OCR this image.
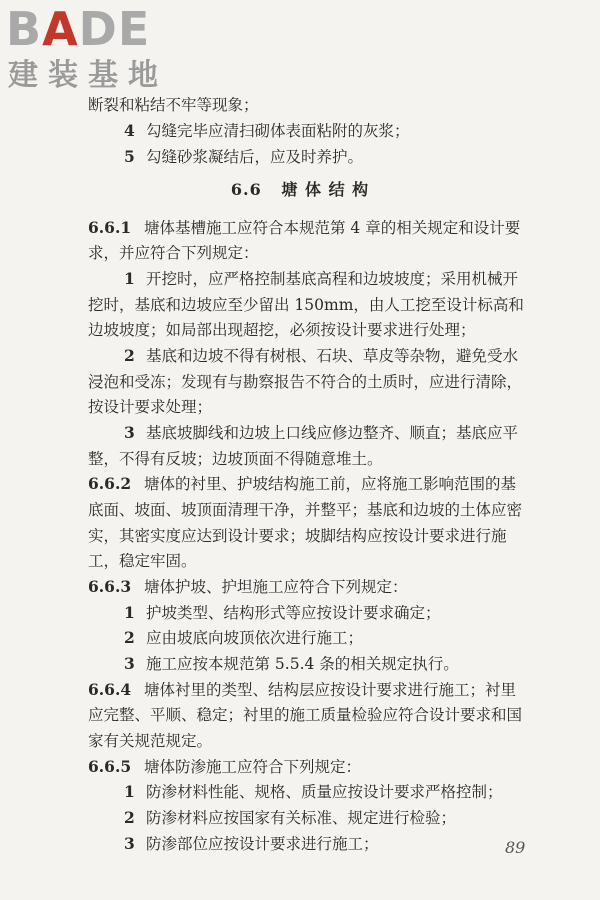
BADE
建装基地
断裂和粘结不牢等现象；
4 勾缝完毕应清扫砌体表面粘附的灰浆；
5 勾缝砂浆凝结后，应及时养护。
6.6 塘 体 结 构
6.6.1 塘体基槽施工应符合本规范第 4 章的相关规定和设计要
求，并应符合下列规定：
1 开挖时，应严格控制基底高程和边坡坡度；采用机械开
挖时，基底和边坡应至少留出 150mm，由人工挖至设计标高和
边坡坡度；如局部出现超挖，必须按设计要求进行处理；
2 基底和边坡不得有树根、石块、草皮等杂物，避免受水
浸泡和受冻；发现有与勘察报告不符合的土质时，应进行清除，
按设计要求处理；
3 基底坡脚线和边坡上口线应修边整齐、顺直；基底应平
整，不得有反坡；边坡顶面不得随意堆土。
6.6.2 塘体的衬里、护坡结构施工前，应将施工影响范围的基
底面、坡面、坡顶面清理干净，并整平；基底和边坡的土体应密
实，其密实度应达到设计要求；坡脚结构应按设计要求进行施
工，稳定牢固。
6.6.3 塘体护坡、护坦施工应符合下列规定：
1 护坡类型、结构形式等应按设计要求确定；
2 应由坡底向坡顶依次进行施工；
3 施工应按本规范第 5.5.4 条的相关规定执行。
6.6.4 塘体衬里的类型、结构层应按设计要求进行施工；衬里
应完整、平顺、稳定；衬里的施工质量检验应符合设计要求和国
家有关规范规定。
6.6.5 塘体防渗施工应符合下列规定：
1 防渗材料性能、规格、质量应按设计要求严格控制；
2 防渗材料应按国家有关标准、规定进行检验；
3 防渗部位应按设计要求进行施工；	89
